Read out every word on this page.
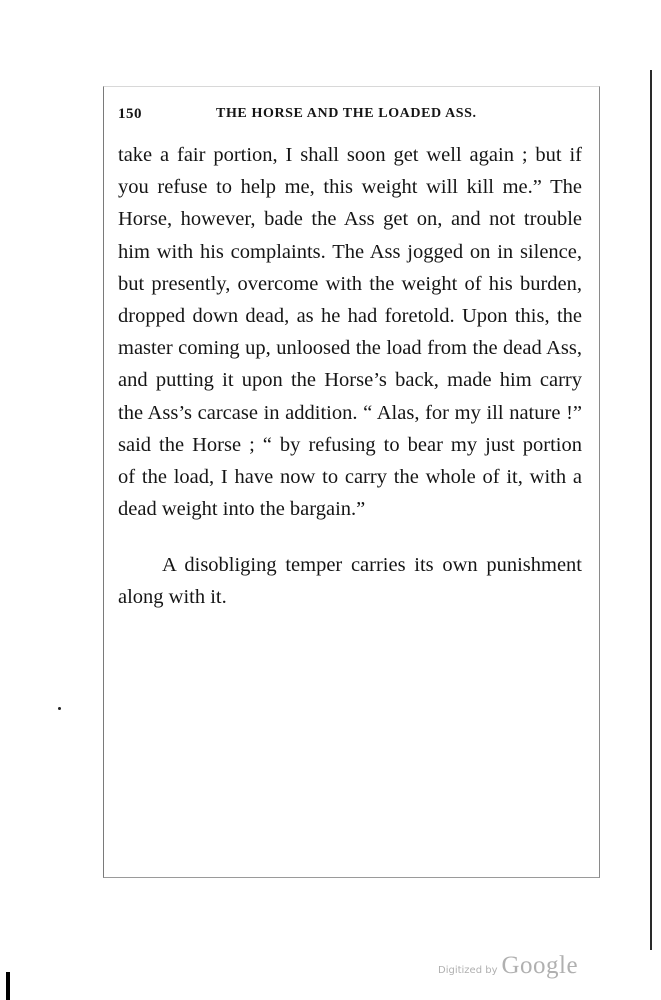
150	THE HORSE AND THE LOADED ASS.
take a fair portion, I shall soon get well again ; but if
you refuse to help me, this weight will kill me.” The
Horse, however, bade the Ass get on, and not trouble
him with his complaints. The Ass jogged on in silence,
but presently, overcome with the weight of his burden,
dropped down dead, as he had foretold. Upon this, the
master coming up, unloosed the load from the dead Ass,
and putting it upon the Horse’s back, made him carry
the Ass’s carcase in addition. “ Alas, for my ill nature !”
said the Horse ; “ by refusing to bear my just portion
of the load, I have now to carry the whole of it, with a
dead weight into the bargain.”
A disobliging temper carries its own punishment
along with it.
Digitized by Google
